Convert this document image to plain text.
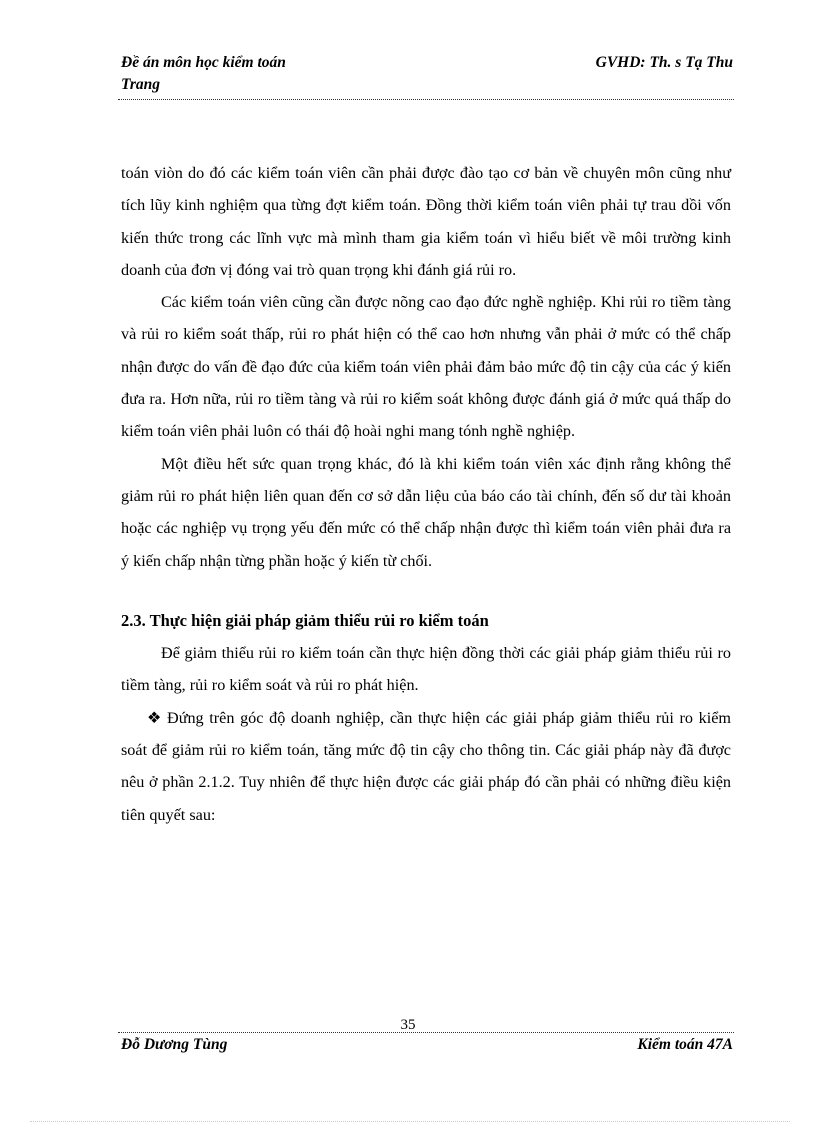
Đề án môn học kiểm toán	GVHD: Th. s Tạ Thu
Trang

toán viòn do đó các kiểm toán viên cần phải được đào tạo cơ bản về chuyên môn cũng như tích lũy kinh nghiệm qua từng đợt kiểm toán. Đồng thời kiểm toán viên phải tự trau dồi vốn kiến thức trong các lĩnh vực mà mình tham gia kiểm toán vì hiểu biết về môi trường kinh doanh của đơn vị đóng vai trò quan trọng khi đánh giá rủi ro.

Các kiểm toán viên cũng cần được nõng cao đạo đức nghề nghiệp. Khi rủi ro tiềm tàng và rủi ro kiểm soát thấp, rủi ro phát hiện có thể cao hơn nhưng vẫn phải ở mức có thể chấp nhận được do vấn đề đạo đức của kiểm toán viên phải đảm bảo mức độ tin cậy của các ý kiến đưa ra. Hơn nữa, rủi ro tiềm tàng và rủi ro kiểm soát không được đánh giá ở mức quá thấp do kiểm toán viên phải luôn có thái độ hoài nghi mang tónh nghề nghiệp.

Một điều hết sức quan trọng khác, đó là khi kiểm toán viên xác định rằng không thể giảm rủi ro phát hiện liên quan đến cơ sở dẫn liệu của báo cáo tài chính, đến số dư tài khoản hoặc các nghiệp vụ trọng yếu đến mức có thể chấp nhận được thì kiểm toán viên phải đưa ra ý kiến chấp nhận từng phần hoặc ý kiến từ chối.

2.3. Thực hiện giải pháp giảm thiểu rủi ro kiểm toán

Để giảm thiểu rủi ro kiểm toán cần thực hiện đồng thời các giải pháp giảm thiểu rủi ro tiềm tàng, rủi ro kiểm soát và rủi ro phát hiện.

❖ Đứng trên góc độ doanh nghiệp, cần thực hiện các giải pháp giảm thiểu rủi ro kiểm soát để giảm rủi ro kiểm toán, tăng mức độ tin cậy cho thông tin. Các giải pháp này đã được nêu ở phần 2.1.2. Tuy nhiên để thực hiện được các giải pháp đó cần phải có những điều kiện tiên quyết sau:

35
Đỗ Dương Tùng	Kiểm toán 47A
